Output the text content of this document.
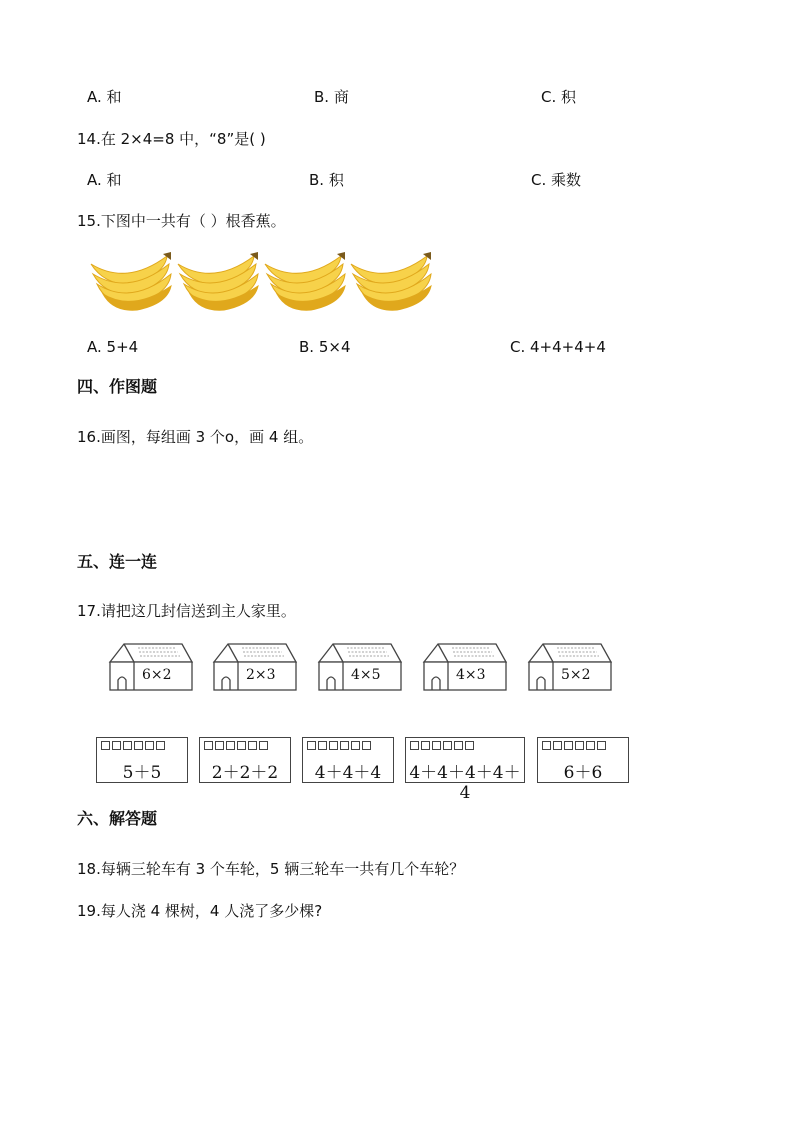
A. 和	B. 商	C. 积
14.在 2×4=8 中，“8”是( )
A. 和	B. 积	C. 乘数
15.下图中一共有（ ）根香蕉。
A. 5+4	B. 5×4	C. 4+4+4+4
四、作图题
16.画图，每组画 3 个o，画 4 组。
五、连一连
17.请把这几封信送到主人家里。
6×2	2×3	4×5	4×3	5×2
5＋5	2＋2＋2	4＋4＋4	4＋4＋4＋4＋4
6＋6
六、解答题
18.每辆三轮车有 3 个车轮，5 辆三轮车一共有几个车轮？
19.每人浇 4 棵树，4 人浇了多少棵?
